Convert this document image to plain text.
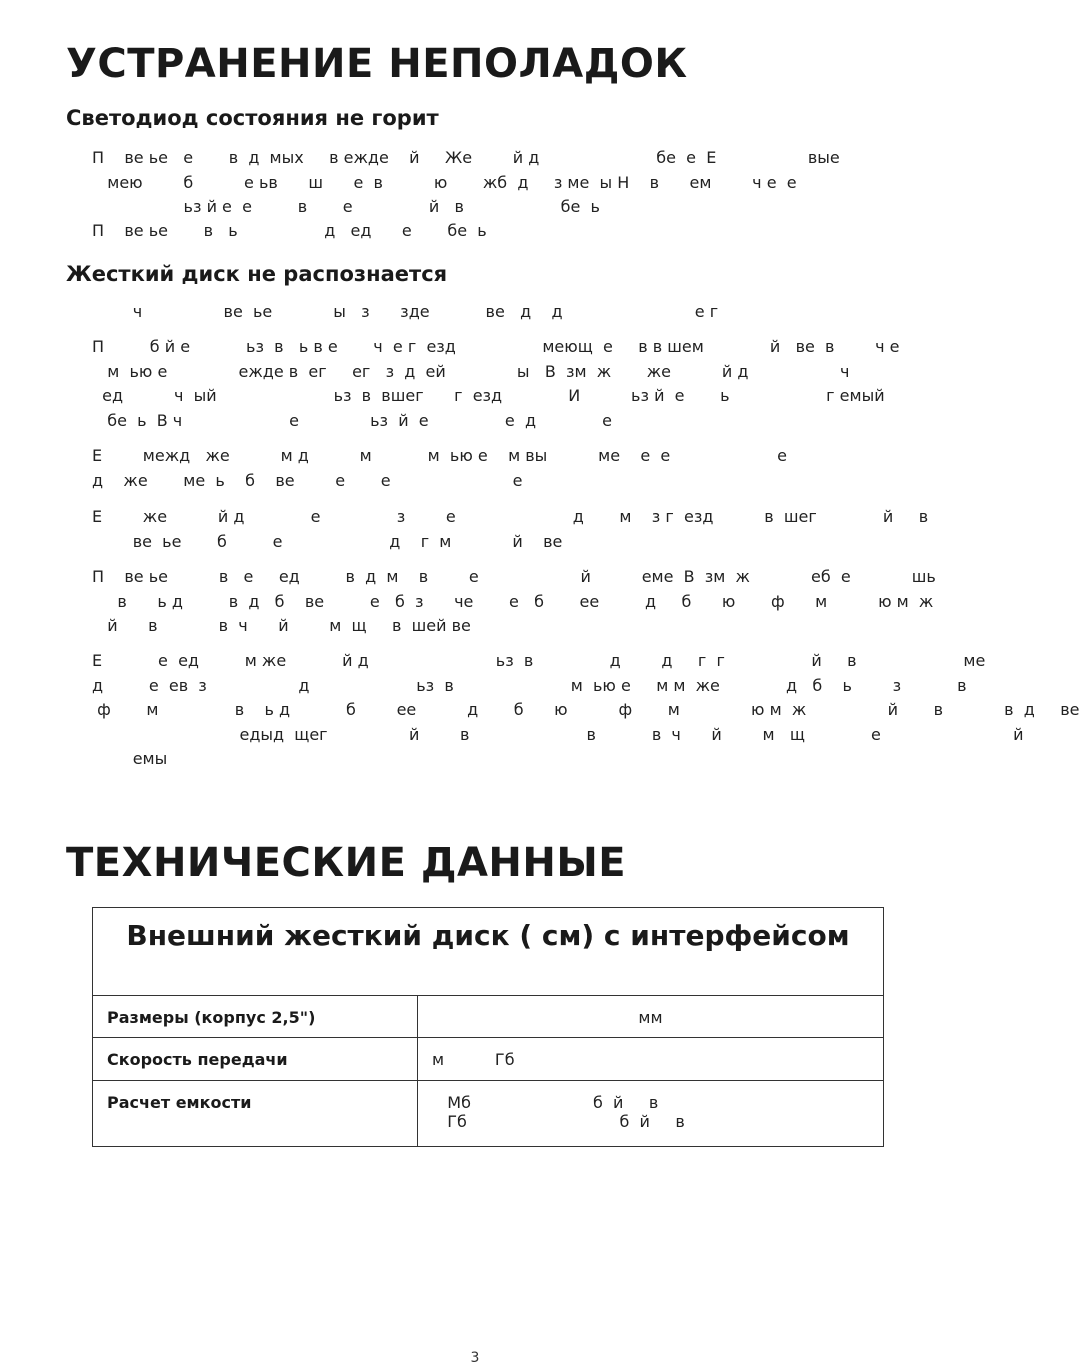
УСТРАНЕНИЕ НЕПОЛАДОК
Светодиод состояния не горит

П    ве ье   е       в  д  мых     в ежде    й     Же        й д                       бе  е  Е                  вые
мею        б          е ьв      ш      е  в          ю       жб  д     з ме  ы Н    в      ем        ч е  е
ьз й е  е         в       е               й   в                   бе  ь

П    ве ье       в   ь                 д   ед      е       бе  ь

Жесткий диск не распознается

ч                ве  ье            ы   з      зде           ве   д    д                          е г

П         б й е           ьз  в   ь в е       ч  е г  езд                 меющ  е     в в шем             й   ве  в        ч е
м  ью е              ежде в  ег     ег   з  д  ей              ы   В  зм  ж       же          й д                  ч
ед          ч  ый                       ьз  в  вшег      г  езд             И          ьз й  е       ь                   г емый
бе  ь  В ч                     е              ьз  й  е               е  д             е

Е        межд   же          м д          м           м  ью е    м вы          ме    е  е                     е
д    же       ме  ь    б    ве        е       е                        е

Е        же          й д             е               з        е                       д       м    з г  езд          в  шег             й     в
ве  ье       б         е                     д    г  м            й    ве

П    ве ье          в   е     ед         в  д  м    в        е                    й          еме  В  зм  ж            еб  е            шь
в      ь д         в  д   б    ве         е   б  з      че       е   б       ее         д     б      ю       ф      м          ю м  ж
й      в            в  ч      й        м  щ     в  шей ве

Е           е  ед         м же           й д                         ьз  в               д        д     г  г                 й     в                     ме
д         е  ев  з                  д                     ьз  в                       м  ью е     м м  же             д   б    ь        з           в
ф       м               в    ь д           б        ее          д       б      ю          ф       м              ю м  ж                й       в            в  д     ве
едыд  щег                й        в                       в           в  ч      й        м   щ             е                          й
емы

ТЕХНИЧЕСКИЕ ДАННЫЕ
Внешний жесткий диск ( см) с интерфейсом	
Размеры (корпус 2,5")	мм
Скорость передачи	м          Гб
Расчет емкости	Мб                        б  й     в
Гб                              б  й     в
3
